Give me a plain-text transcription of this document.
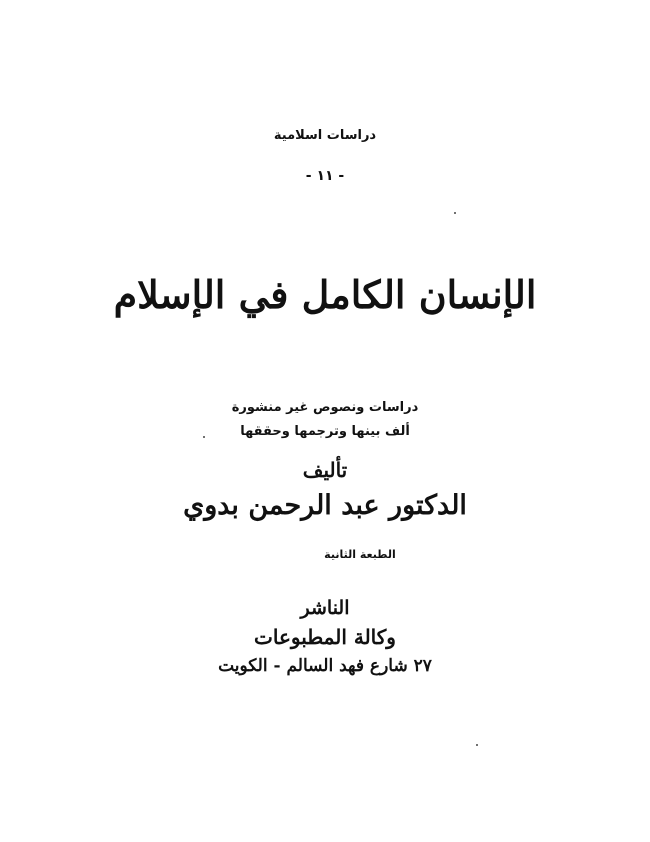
دراسات اسلامية
- ١١ -
الإنسان الكامل في الإسلام
دراسات ونصوص غير منشورة
ألف بينها وترجمها وحققها
تأليف
الدكتور عبد الرحمن بدوي
الطبعة الثانية
الناشر
وكالة المطبوعات
٢٧ شارع فهد السالم - الكويت
